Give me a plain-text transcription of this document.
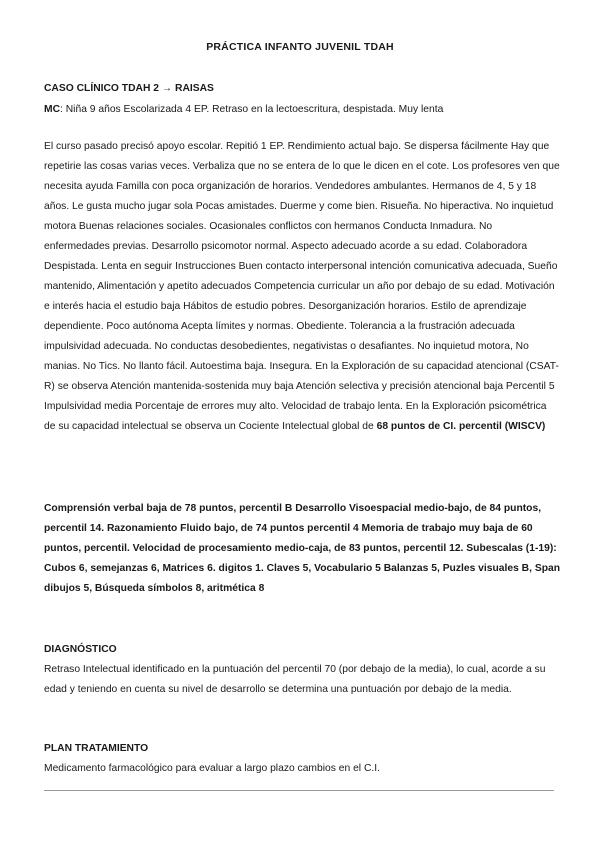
PRÁCTICA INFANTO JUVENIL TDAH
CASO CLÍNICO TDAH 2 → RAISAS

MC: Niña 9 años Escolarizada 4 EP. Retraso en la lectoescritura, despistada. Muy lenta

El curso pasado precisó apoyo escolar. Repitió 1 EP. Rendimiento actual bajo. Se dispersa fácilmente Hay que repetirie las cosas varias veces. Verbaliza que no se entera de lo que le dicen en el cote. Los profesores ven que necesita ayuda Familla con poca organización de horarios. Vendedores ambulantes. Hermanos de 4, 5 y 18 años. Le gusta mucho jugar sola Pocas amistades. Duerme y come bien. Risueña. No hiperactiva. No inquietud motora Buenas relaciones sociales. Ocasionales conflictos con hermanos Conducta Inmadura. No enfermedades previas. Desarrollo psicomotor normal. Aspecto adecuado acorde a su edad. Colaboradora Despistada. Lenta en seguir Instrucciones Buen contacto interpersonal intención comunicativa adecuada, Sueño mantenido, Alimentación y apetito adecuados Competencia curricular un año por debajo de su edad. Motivación e interés hacia el estudio baja Hábitos de estudio pobres. Desorganización horarios. Estilo de aprendizaje dependiente. Poco autónoma Acepta límites y normas. Obediente. Tolerancia a la frustración adecuada impulsividad adecuada. No conductas desobedientes, negativistas o desafiantes. No inquietud motora, No manias. No Tics. No llanto fácil. Autoestima baja. Insegura. En la Exploración de su capacidad atencional (CSAT-R) se observa Atención mantenida-sostenida muy baja Atención selectiva y precisión atencional baja Percentil 5 Impulsividad media Porcentaje de errores muy alto. Velocidad de trabajo lenta. En la Exploración psicométrica de su capacidad intelectual se observa un Cociente Intelectual global de 68 puntos de CI. percentil (WISCV)

Comprensión verbal baja de 78 puntos, percentil B Desarrollo Visoespacial medio-bajo, de 84 puntos, percentil 14. Razonamiento Fluido bajo, de 74 puntos percentil 4 Memoria de trabajo muy baja de 60 puntos, percentil. Velocidad de procesamiento medio-caja, de 83 puntos, percentil 12. Subescalas (1-19): Cubos 6, semejanzas 6, Matrices 6. digitos 1. Claves 5, Vocabulario 5 Balanzas 5, Puzles visuales B, Span dibujos 5, Búsqueda símbolos 8, aritmética 8

DIAGNÓSTICO

Retraso Intelectual identificado en la puntuación del percentil 70 (por debajo de la media), lo cual, acorde a su edad y teniendo en cuenta su nivel de desarrollo se determina una puntuación por debajo de la media.

PLAN TRATAMIENTO

Medicamento farmacológico para evaluar a largo plazo cambios en el C.I.
